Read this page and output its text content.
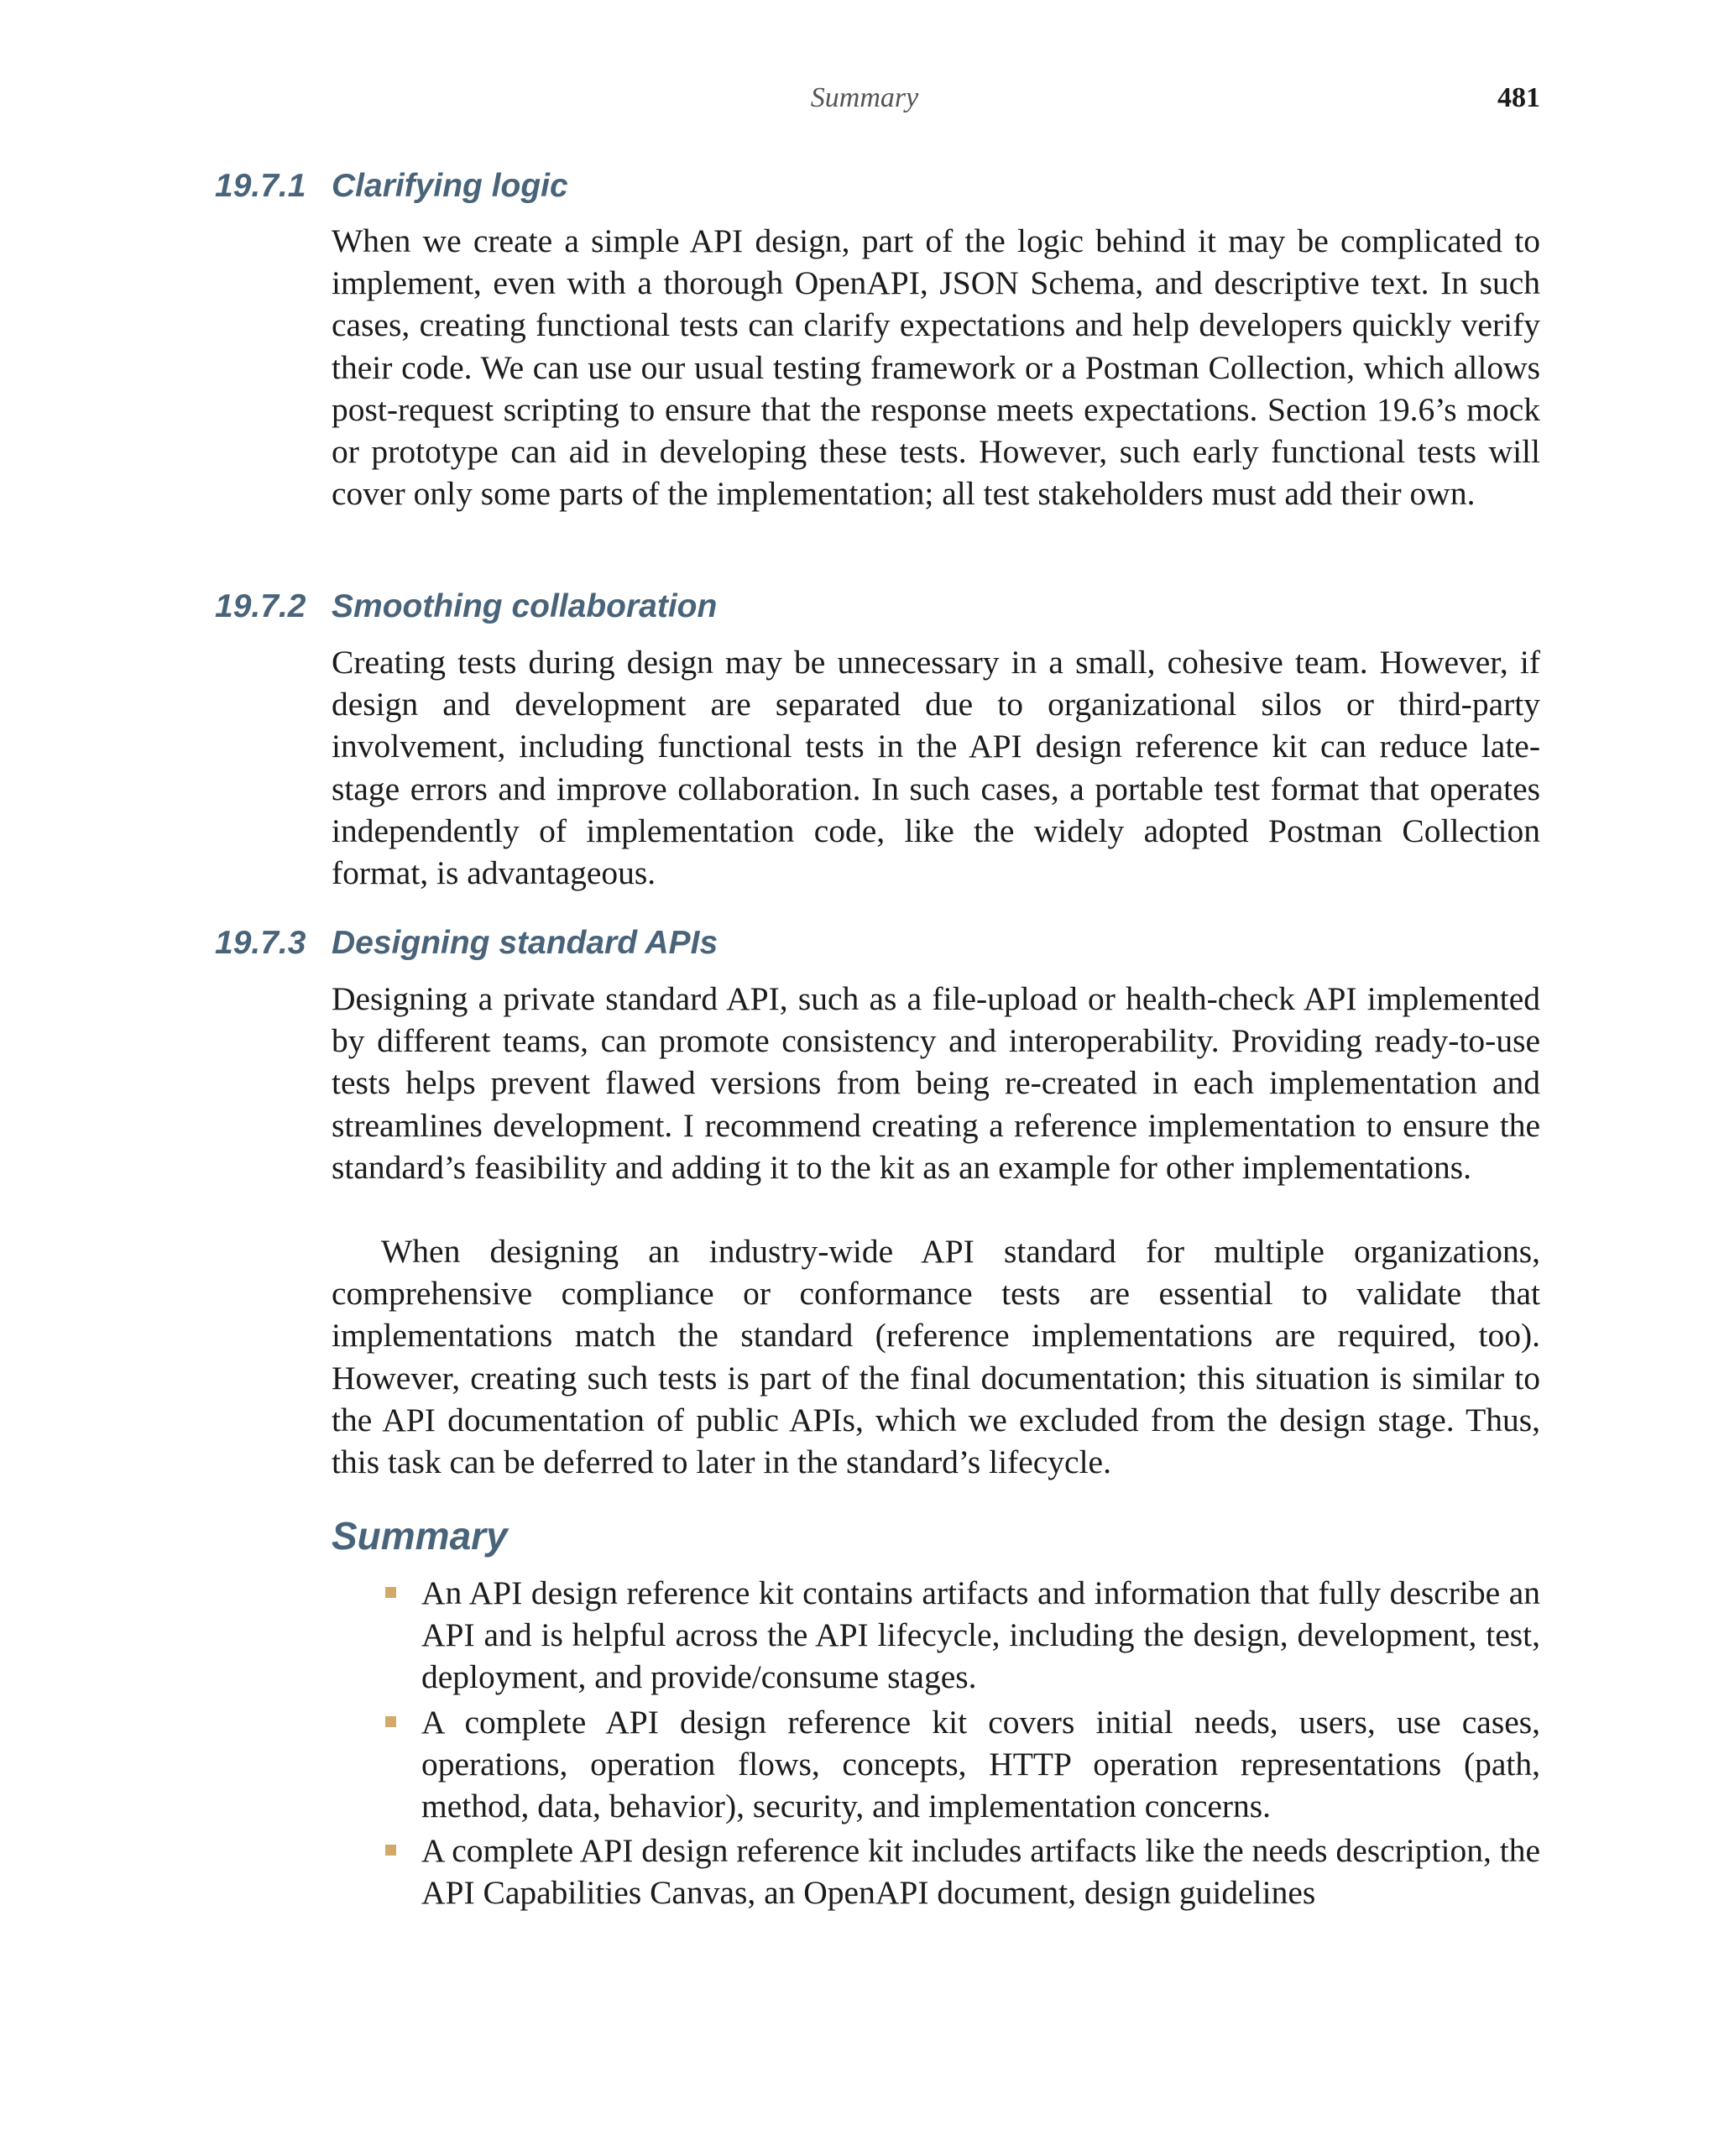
Summary	481
19.7.1 Clarifying logic

When we create a simple API design, part of the logic behind it may be complicated to implement, even with a thorough OpenAPI, JSON Schema, and descriptive text. In such cases, creating functional tests can clarify expectations and help developers quickly verify their code. We can use our usual testing framework or a Postman Collection, which allows post-request scripting to ensure that the response meets expectations. Section 19.6’s mock or prototype can aid in developing these tests. However, such early functional tests will cover only some parts of the implementation; all test stakeholders must add their own.

19.7.2 Smoothing collaboration

Creating tests during design may be unnecessary in a small, cohesive team. However, if design and development are separated due to organizational silos or third-party involvement, including functional tests in the API design reference kit can reduce late-stage errors and improve collaboration. In such cases, a portable test format that operates independently of implementation code, like the widely adopted Postman Collection format, is advantageous.

19.7.3 Designing standard APIs

Designing a private standard API, such as a file-upload or health-check API implemented by different teams, can promote consistency and interoperability. Providing ready-to-use tests helps prevent flawed versions from being re-created in each implementation and streamlines development. I recommend creating a reference implementation to ensure the standard’s feasibility and adding it to the kit as an example for other implementations.

When designing an industry-wide API standard for multiple organizations, comprehensive compliance or conformance tests are essential to validate that implementations match the standard (reference implementations are required, too). However, creating such tests is part of the final documentation; this situation is similar to the API documentation of public APIs, which we excluded from the design stage. Thus, this task can be deferred to later in the standard’s lifecycle.

Summary
An API design reference kit contains artifacts and information that fully describe an API and is helpful across the API lifecycle, including the design, development, test, deployment, and provide/consume stages.
A complete API design reference kit covers initial needs, users, use cases, operations, operation flows, concepts, HTTP operation representations (path, method, data, behavior), security, and implementation concerns.
A complete API design reference kit includes artifacts like the needs description, the API Capabilities Canvas, an OpenAPI document, design guidelines
